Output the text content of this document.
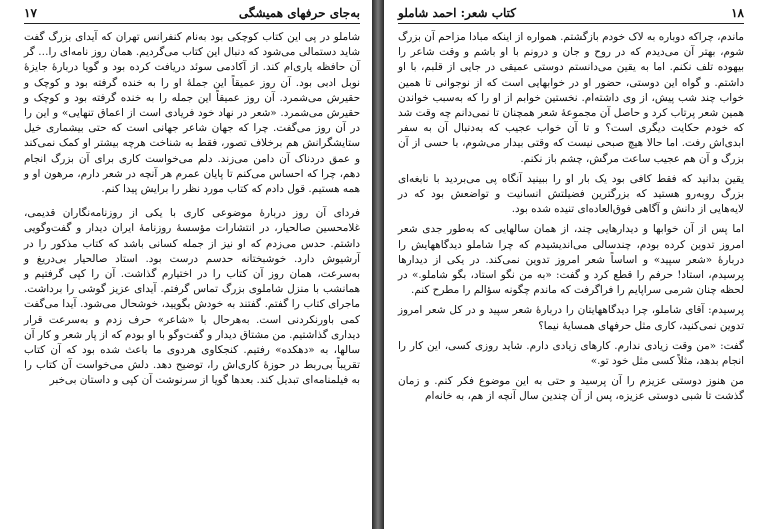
۱۷	به‌جای حرفهای همیشگی

شاملو در پی این کتاب کوچکی بود به‌نام کنفرانس تهران که آیدای بزرگ گفت شاید دستمالی می‌شود که دنبال این کتاب می‌گردیم. همان روز نامه‌ای را… گر آن حافظه یاری‌ام کند. از آکادمی سوئد دریافت کرده بود و گویا دربارهٔ جایزهٔ نوبل ادبی بود. آن روز عمیقاً این جملهٔ او را به خنده گرفته بود و کوچک و حقیرش می‌شمرد. آن روز عمیقاً این جمله را به خنده گرفته بود و کوچک و حقیرش می‌شمرد. «شعر در نهاد خود فریادی است از اعماق تنهایی» و این را در آن روز می‌گفت. چرا که جهان شاعر جهانی است که حتی بیشماری خیل ستایشگرانش هم برخلاف تصور، فقط به شناخت هرچه بیشتر او کمک نمی‌کند و عمق دردناک آن دامن می‌زند. دلم می‌خواست کاری برای آن بزرگ انجام دهم، چرا که احساس می‌کنم تا پایان عمرم هر آنچه در شعر دارم، مرهون او و همه هستیم. قول دادم که کتاب مورد نظر را برایش پیدا کنم.

فردای آن روز دربارهٔ موضوعی کاری با یکی از روزنامه‌نگاران قدیمی، غلامحسین صالحیار، در انتشارات مؤسسهٔ روزنامهٔ ایران دیدار و گفت‌وگویی داشتم. حدس می‌زدم که او نیز از جمله کسانی باشد که کتاب مذکور را در آرشیوش دارد. خوشبختانه حدسم درست بود. استاد صالحیار بی‌دریغ و به‌سرعت، همان روز آن کتاب را در اختیارم گذاشت. آن را کپی گرفتیم و همانشب با منزل شاملوی بزرگ تماس گرفتم. آیدای عزیز گوشی را برداشت. ماجرای کتاب را گفتم. گفتند به خودش بگویید، خوشحال می‌شود. آیدا می‌گفت کمی باورنکردنی است. به‌هرحال با «شاعر» حرف زدم و به‌سرعت قرار دیداری گذاشتیم. من مشتاق دیدار و گفت‌وگو با او بودم که از پار شعر و کار آن سالها، به «دهکده» رفتیم. کنجکاوی هردوی ما باعث شده بود که آن کتاب تقریباً بی‌ربط در حوزهٔ کاری‌اش را، توضیح دهد. دلش می‌خواست آن کتاب را به فیلمنامه‌ای تبدیل کند. بعدها گویا از سرنوشت آن کپی و داستان بی‌خبر

کتاب شعر: احمد شاملو	۱۸

ماندم، چراکه دوباره به لاک خودم بازگشتم. همواره از اینکه مبادا مزاحم آن بزرگ شوم، بهتر آن می‌دیدم که در روح و جان و درونم با او باشم و وقت شاعر را بیهوده تلف نکنم. اما به یقین می‌دانستم دوستی عمیقی در جایی از قلبم، با او داشتم. و گواه این دوستی، حضور او در خوابهایی است که از نوجوانی تا همین خواب چند شب پیش، از وی داشته‌ام. نخستین خوابم از او را که به‌سبب خواندن همین شعر پرتاب کرد و حاصل آن مجموعهٔ شعر همچنان تا نمی‌دانم چه وقت شد که خودم حکایت دیگری است؟ و تا آن خواب عجیب که به‌دنبال آن به سفر ابدی‌اش رفت. اما حالا هیچ صبحی نیست که وقتی بیدار می‌شوم، با حسی از آن بزرگ و آن هم عجیب ساعت مرگش، چشم باز نکنم.

یقین بدانید که فقط کافی بود یک بار او را ببینید آنگاه پی می‌بردید با نابغه‌ای بزرگ روبه‌رو هستید که بزرگترین فضیلتش انسانیت و تواضعش بود که در لایه‌هایی از دانش و آگاهی فوق‌العاده‌ای تنیده شده بود.

اما پس از آن خوابها و دیدارهایی چند، از همان سالهایی که به‌طور جدی شعر امروز تدوین کرده بودم، چندسالی می‌اندیشیدم که چرا شاملو دیدگاههایش را دربارهٔ «شعر سپید» و اساساً شعر امروز تدوین نمی‌کند. در یکی از دیدارها پرسیدم، استاد! حرفم را قطع کرد و گفت: «به من نگو استاد، بگو شاملو.» در لحظه چنان شرمی سراپایم را فراگرفت که ماندم چگونه سؤالم را مطرح کنم.

پرسیدم: آقای شاملو، چرا دیدگاههایتان را دربارهٔ شعر سپید و در کل شعر امروز تدوین نمی‌کنید، کاری مثل حرفهای همسایهٔ نیما؟

گفت: «من وقت زیادی ندارم. کارهای زیادی دارم. شاید روزی کسی، این کار را انجام بدهد، مثلاً کسی مثل خود تو.»

من هنوز دوستی عزیزم را آن پرسید و حتی به این موضوع فکر کنم. و زمان گذشت تا شبی دوستی عزیزه، پس از آن چندین سال آنچه از هم، به خانه‌ام
